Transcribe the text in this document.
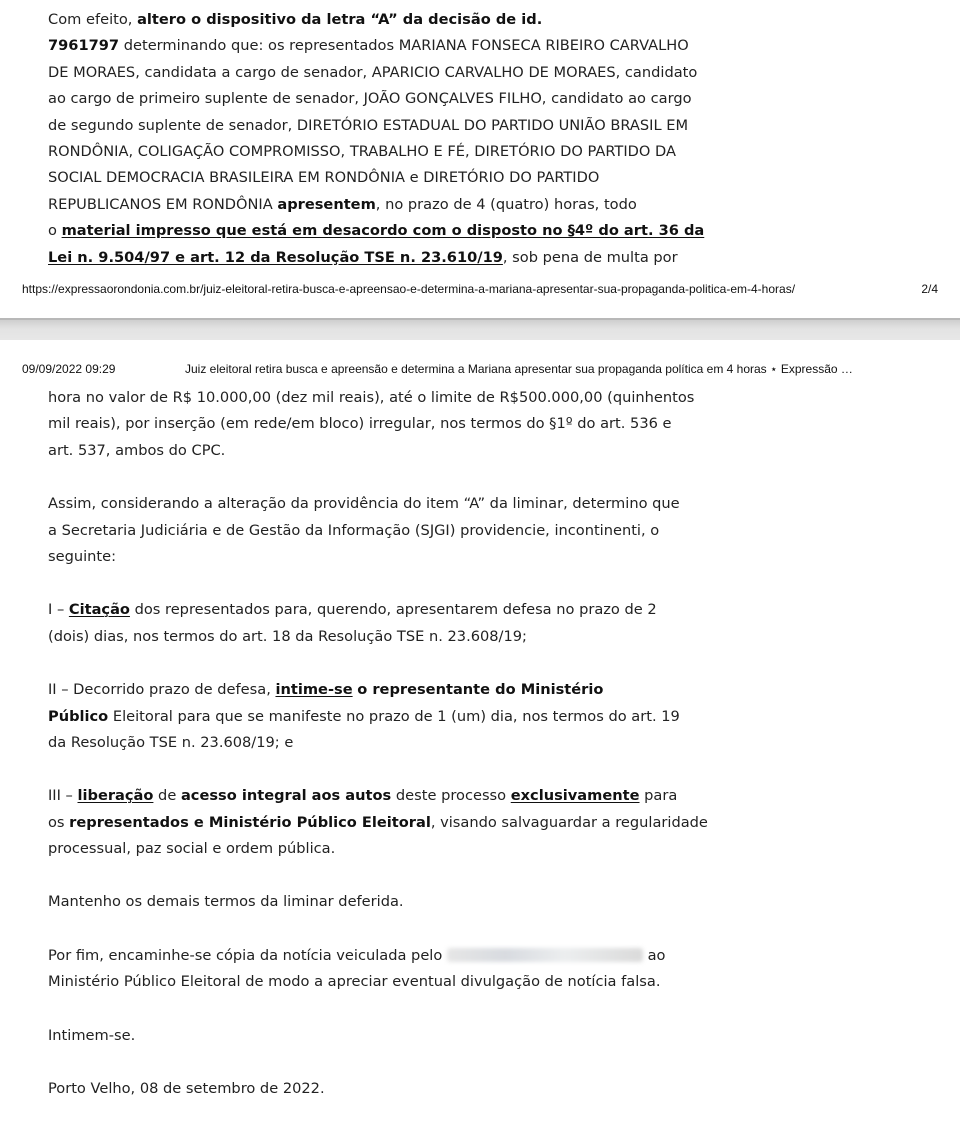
Com efeito, altero o dispositivo da letra “A” da decisão de id.
7961797 determinando que: os representados MARIANA FONSECA RIBEIRO CARVALHO
DE MORAES, candidata a cargo de senador, APARICIO CARVALHO DE MORAES, candidato
ao cargo de primeiro suplente de senador, JOÃO GONÇALVES FILHO, candidato ao cargo
de segundo suplente de senador, DIRETÓRIO ESTADUAL DO PARTIDO UNIÃO BRASIL EM
RONDÔNIA, COLIGAÇÃO COMPROMISSO, TRABALHO E FÉ, DIRETÓRIO DO PARTIDO DA
SOCIAL DEMOCRACIA BRASILEIRA EM RONDÔNIA e DIRETÓRIO DO PARTIDO
REPUBLICANOS EM RONDÔNIA apresentem, no prazo de 4 (quatro) horas, todo
o material impresso que está em desacordo com o disposto no §4º do art. 36 da
Lei n. 9.504/97 e art. 12 da Resolução TSE n. 23.610/19, sob pena de multa por
https://expressaorondonia.com.br/juiz-eleitoral-retira-busca-e-apreensao-e-determina-a-mariana-apresentar-sua-propaganda-politica-em-4-horas/	2/4
09/09/2022 09:29	Juiz eleitoral retira busca e apreensão e determina a Mariana apresentar sua propaganda política em 4 horas ⋆ Expressão …
hora no valor de R$ 10.000,00 (dez mil reais), até o limite de R$500.000,00 (quinhentos
mil reais), por inserção (em rede/em bloco) irregular, nos termos do §1º do art. 536 e
art. 537, ambos do CPC.
Assim, considerando a alteração da providência do item “A” da liminar, determino que
a Secretaria Judiciária e de Gestão da Informação (SJGI) providencie, incontinenti, o
seguinte:
I – Citação dos representados para, querendo, apresentarem defesa no prazo de 2
(dois) dias, nos termos do art. 18 da Resolução TSE n. 23.608/19;
II – Decorrido prazo de defesa, intime-se o representante do Ministério
Público Eleitoral para que se manifeste no prazo de 1 (um) dia, nos termos do art. 19
da Resolução TSE n. 23.608/19; e
III – liberação de acesso integral aos autos deste processo exclusivamente para
os representados e Ministério Público Eleitoral, visando salvaguardar a regularidade
processual, paz social e ordem pública.
Mantenho os demais termos da liminar deferida.
Por fim, encaminhe-se cópia da notícia veiculada pelo	ao
Ministério Público Eleitoral de modo a apreciar eventual divulgação de notícia falsa.
Intimem-se.
Porto Velho, 08 de setembro de 2022.
